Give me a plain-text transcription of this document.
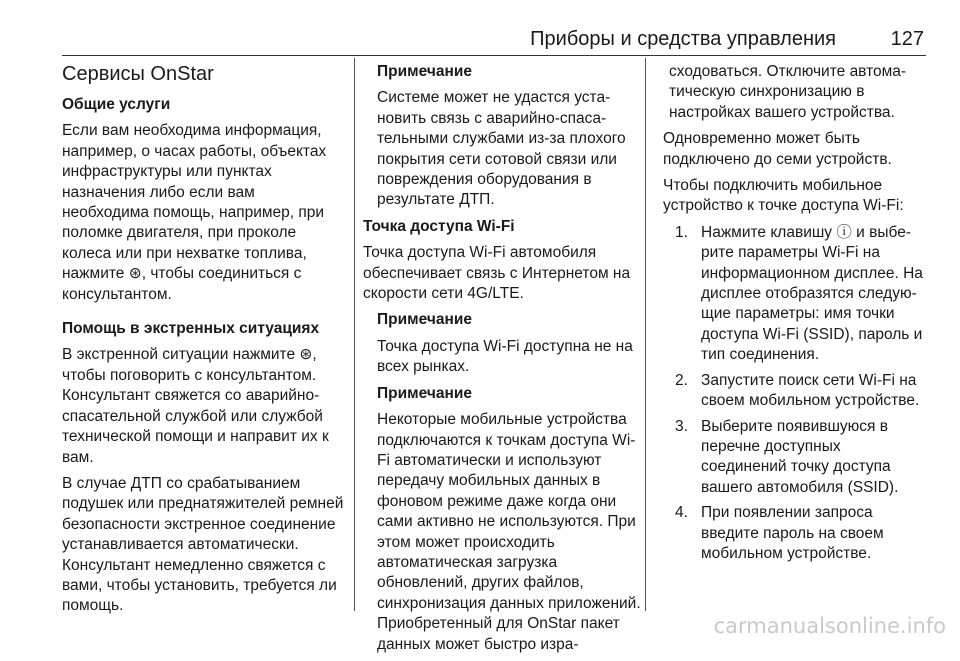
Приборы и средства управления	127
Сервисы OnStar

Общие услуги

Если вам необходима информация, например, о часах работы, объектах инфраструктуры или пунктах назначения либо если вам необходима помощь, например, при поломке двигателя, при проколе колеса или при нехватке топлива, нажмите ⊛, чтобы соединиться с консультантом.

Помощь в экстренных ситуациях

В экстренной ситуации нажмите ⊛, чтобы поговорить с консультантом. Консультант свяжется со аварийно-спасательной службой или службой технической помощи и направит их к вам.

В случае ДТП со срабатыванием подушек или преднатяжителей ремней безопасности экстренное соединение устанавливается автоматически. Консультант немедленно свяжется с вами, чтобы установить, требуется ли помощь.

Примечание

Системе может не удастся установить связь с аварийно-спасательными службами из-за плохого покрытия сети сотовой связи или повреждения оборудования в результате ДТП.

Точка доступа Wi-Fi

Точка доступа Wi-Fi автомобиля обеспечивает связь с Интернетом на скорости сети 4G/LTE.

Примечание

Точка доступа Wi-Fi доступна не на всех рынках.

Примечание

Некоторые мобильные устройства подключаются к точкам доступа Wi-Fi автоматически и используют передачу мобильных данных в фоновом режиме даже когда они сами активно не используются. При этом может происходить автоматическая загрузка обновлений, других файлов, синхронизация данных приложений. Приобретенный для OnStar пакет данных может быстро изра-

сходоваться. Отключите автоматическую синхронизацию в настройках вашего устройства.

Одновременно может быть подключено до семи устройств.

Чтобы подключить мобильное устройство к точке доступа Wi-Fi:

1. Нажмите клавишу ⓘ и выберите параметры Wi-Fi на информационном дисплее. На дисплее отобразятся следующие параметры: имя точки доступа Wi-Fi (SSID), пароль и тип соединения.
2. Запустите поиск сети Wi-Fi на своем мобильном устройстве.
3. Выберите появившуюся в перечне доступных соединений точку доступа вашего автомобиля (SSID).
4. При появлении запроса введите пароль на своем мобильном устройстве.
carmanualsonline.info
